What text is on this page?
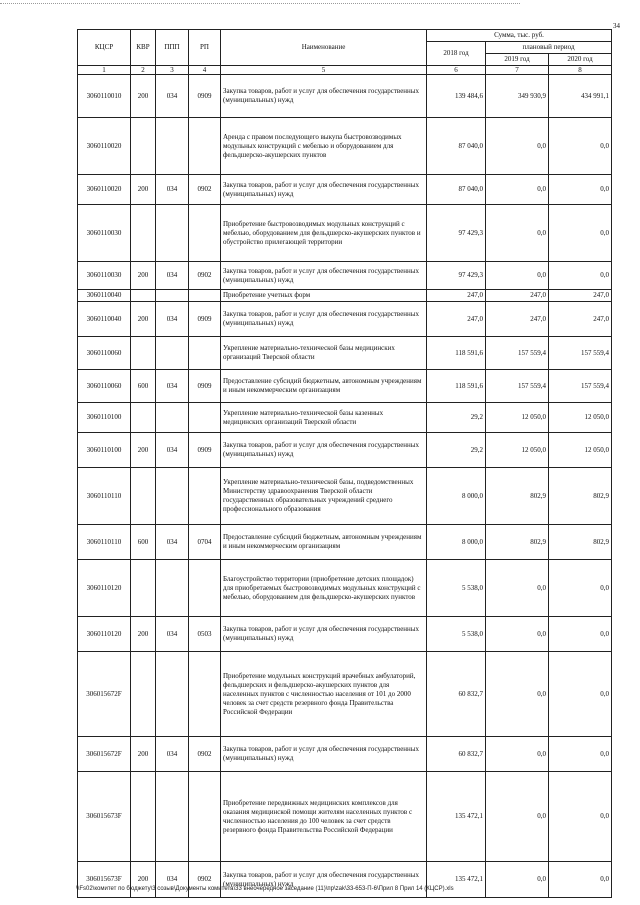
34
КЦСР	КВР	ППП	РП	Наименование	Сумма, тыс. руб.		
					2018 год	плановый период	
						2019 год	2020 год
1	2	3	4	5	6	7	8
3060110010	200	034	0909	Закупка товаров, работ и услуг для обеспечения государственных (муниципальных) нужд	139 484,6	349 930,9	434 991,1
3060110020				Аренда с правом последующего выкупа быстровозводимых модульных конструкций с мебелью и оборудованием для фельдшерско-акушерских пунктов	87 040,0	0,0	0,0
3060110020	200	034	0902	Закупка товаров, работ и услуг для обеспечения государственных (муниципальных) нужд	87 040,0	0,0	0,0
3060110030				Приобретение быстровозводимых модульных конструкций с мебелью, оборудованием для фельдшерско-акушерских пунктов и обустройство прилегающей территории	97 429,3	0,0	0,0
3060110030	200	034	0902	Закупка товаров, работ и услуг для обеспечения государственных (муниципальных) нужд	97 429,3	0,0	0,0
3060110040				Приобретение учетных форм	247,0	247,0	247,0
3060110040	200	034	0909	Закупка товаров, работ и услуг для обеспечения государственных (муниципальных) нужд	247,0	247,0	247,0
3060110060				Укрепление материально-технической базы медицинских организаций Тверской области	118 591,6	157 559,4	157 559,4
3060110060	600	034	0909	Предоставление субсидий бюджетным, автономным учреждениям и иным некоммерческим организациям	118 591,6	157 559,4	157 559,4
3060110100				Укрепление материально-технической базы казенных медицинских организаций Тверской области	29,2	12 050,0	12 050,0
3060110100	200	034	0909	Закупка товаров, работ и услуг для обеспечения государственных (муниципальных) нужд	29,2	12 050,0	12 050,0
3060110110				Укрепление материально-технической базы, подведомственных Министерству здравоохранения Тверской области государственных образовательных учреждений среднего профессионального образования	8 000,0	802,9	802,9
3060110110	600	034	0704	Предоставление субсидий бюджетным, автономным учреждениям и иным некоммерческим организациям	8 000,0	802,9	802,9
3060110120				Благоустройство территории (приобретение детских площадок) для приобретаемых быстровозводимых модульных конструкций с мебелью, оборудованием для фельдшерско-акушерских пунктов	5 538,0	0,0	0,0
3060110120	200	034	0503	Закупка товаров, работ и услуг для обеспечения государственных (муниципальных) нужд	5 538,0	0,0	0,0
306015672F				Приобретение модульных конструкций врачебных амбулаторий, фельдшерских и фельдшерско-акушерских пунктов для населенных пунктов с численностью населения от 101 до 2000 человек за счет средств резервного фонда Правительства Российской Федерации	60 832,7	0,0	0,0
306015672F	200	034	0902	Закупка товаров, работ и услуг для обеспечения государственных (муниципальных) нужд	60 832,7	0,0	0,0
306015673F				Приобретение передвижных медицинских комплексов для оказания медицинской помощи жителям населенных пунктов с численностью населения до 100 человек за счет средств резервного фонда Правительства Российской Федерации	135 472,1	0,0	0,0
306015673F	200	034	0902	Закупка товаров, работ и услуг для обеспечения государственных (муниципальных) нужд	135 472,1	0,0	0,0
\\Fs02\комитет по бюджету\3 созыв\Документы комитета\33 внеочередное заседание (11)\пр\zak\33-653-П-6\Прил 8 Прил 14 (КЦСР).xls
